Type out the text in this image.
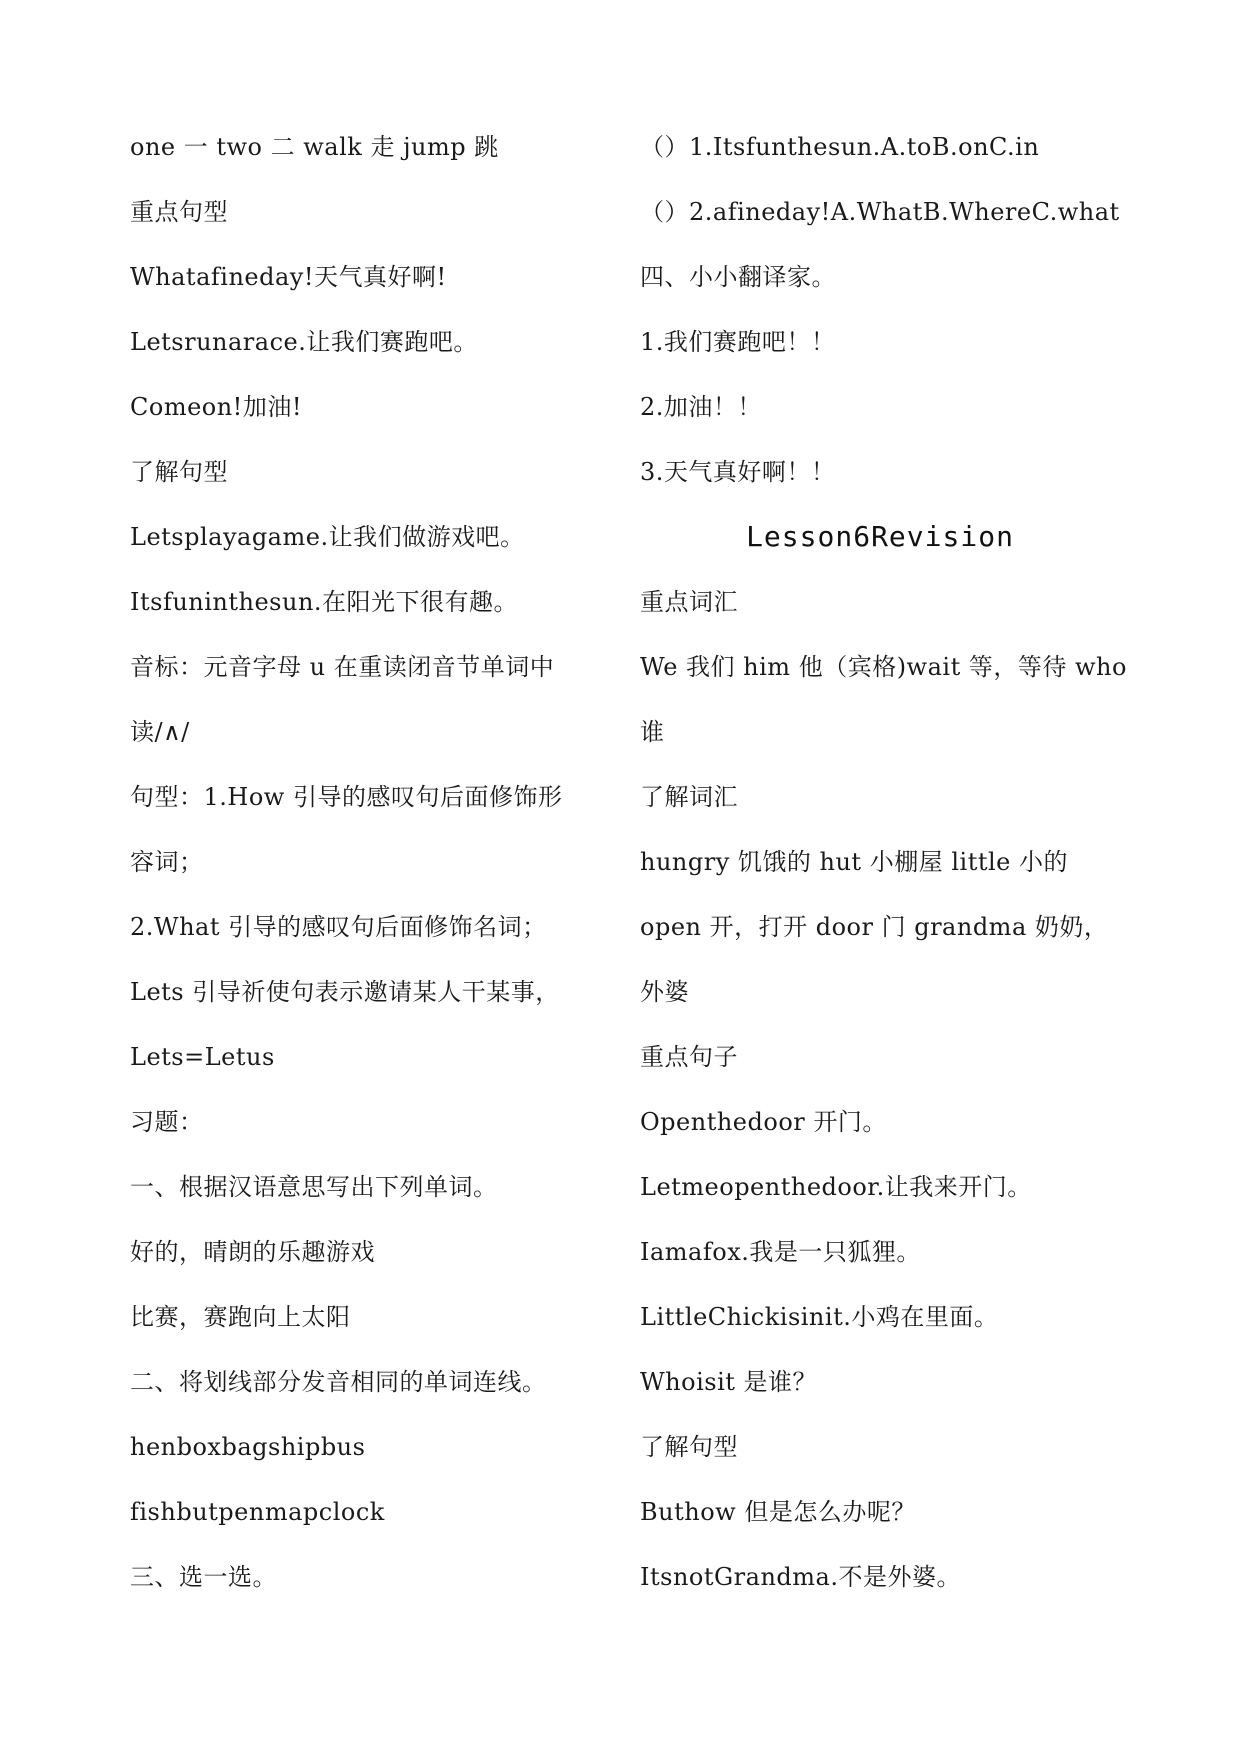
one 一 two 二 walk 走 jump 跳
重点句型
Whatafineday!天气真好啊!
Letsrunarace.让我们赛跑吧。
Comeon!加油!
了解句型
Letsplayagame.让我们做游戏吧。
Itsfuninthesun.在阳光下很有趣。
音标：元音字母 u 在重读闭音节单词中
读/∧/
句型：1.How 引导的感叹句后面修饰形
容词；
2.What 引导的感叹句后面修饰名词；
Lets 引导祈使句表示邀请某人干某事，
Lets=Letus
习题：
一、根据汉语意思写出下列单词。
好的，晴朗的乐趣游戏
比赛，赛跑向上太阳
二、将划线部分发音相同的单词连线。
henboxbagshipbus
fishbutpenmapclock
三、选一选。
（）1.Itsfunthesun.A.toB.onC.in
（）2.afineday!A.WhatB.WhereC.what
四、小小翻译家。
1.我们赛跑吧！！
2.加油！！
3.天气真好啊！！
Lesson6Revision
重点词汇
We 我们 him 他（宾格)wait 等，等待 who
谁
了解词汇
hungry 饥饿的 hut 小棚屋 little 小的
open 开，打开 door 门 grandma 奶奶，
外婆
重点句子
Openthedoor 开门。
Letmeopenthedoor.让我来开门。
Iamafox.我是一只狐狸。
LittleChickisinit.小鸡在里面。
Whoisit 是谁？
了解句型
Buthow 但是怎么办呢？
ItsnotGrandma.不是外婆。
